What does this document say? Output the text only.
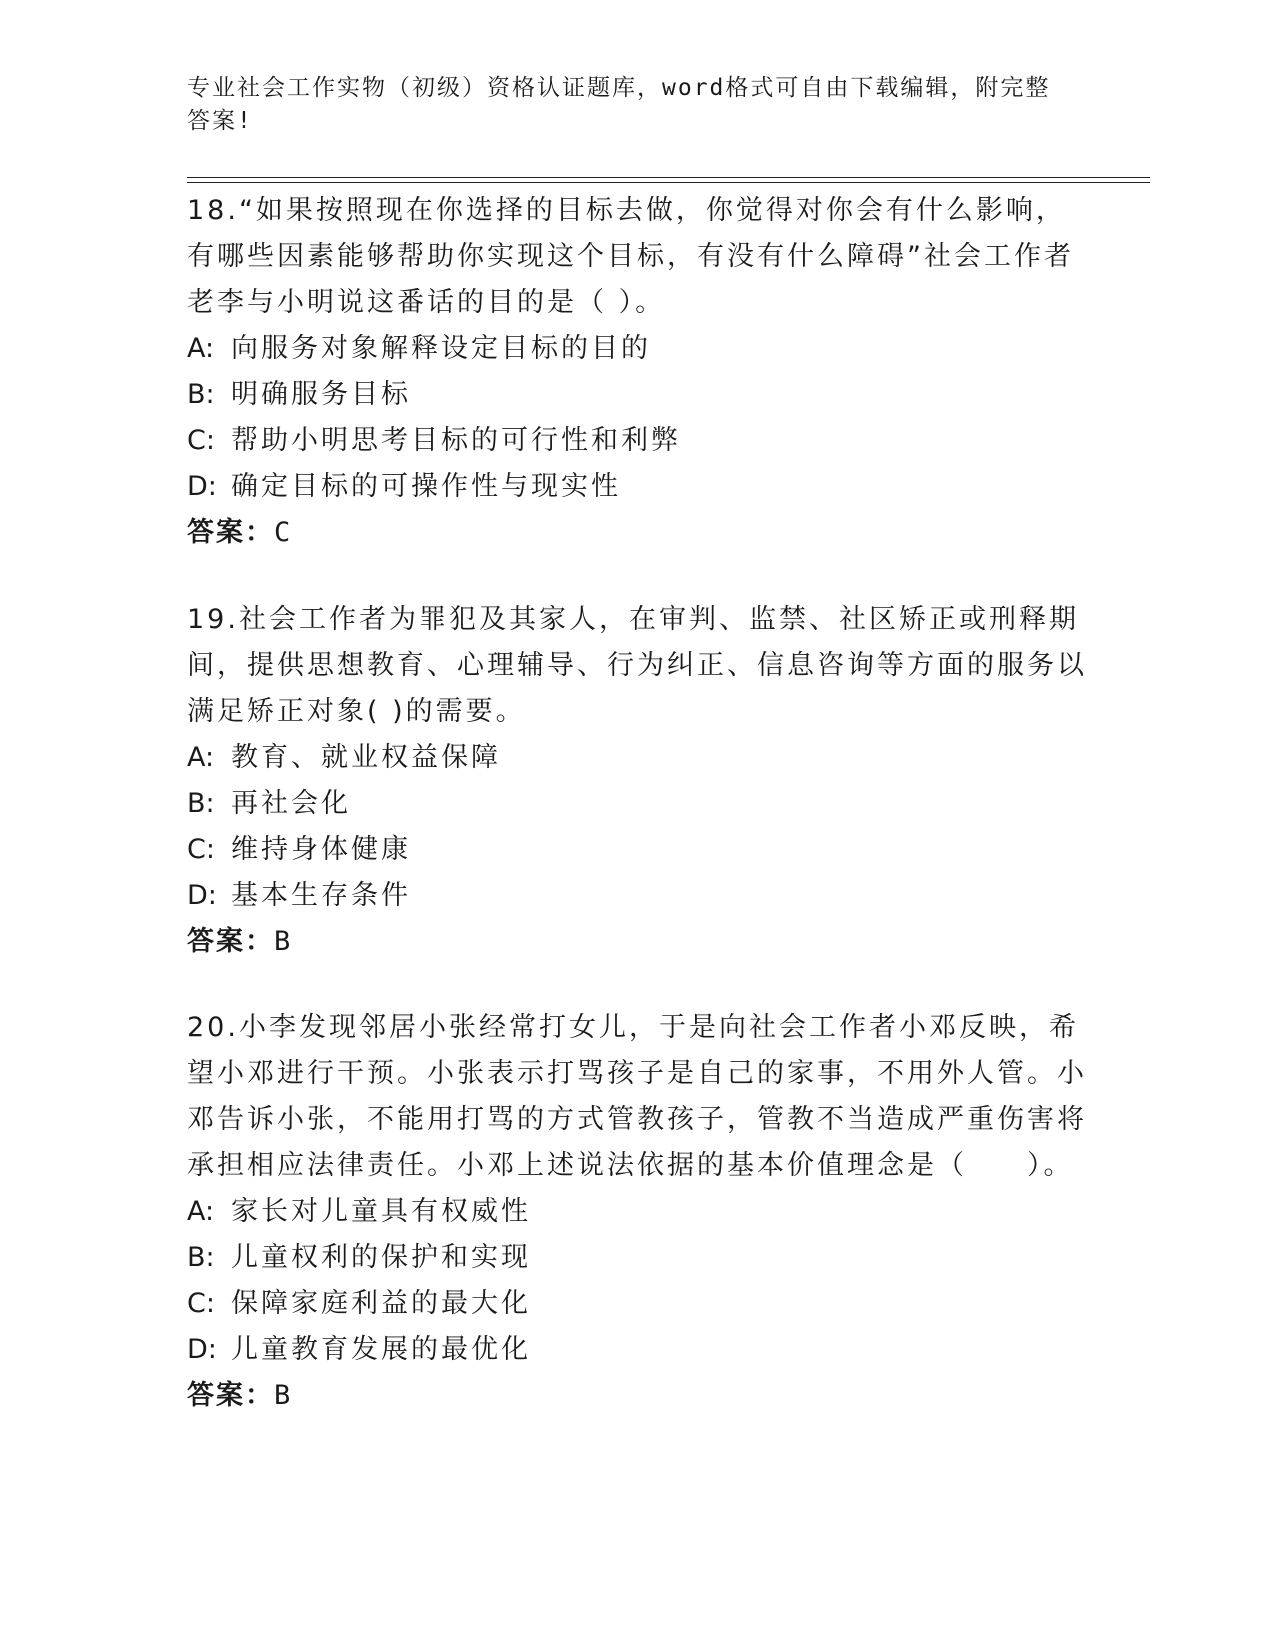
专业社会工作实物（初级）资格认证题库，word格式可自由下载编辑，附完整答案!

18.“如果按照现在你选择的目标去做，你觉得对你会有什么影响，有哪些因素能够帮助你实现这个目标，有没有什么障碍”社会工作者老李与小明说这番话的目的是（ ）。

A: 向服务对象解释设定目标的目的

B: 明确服务目标

C: 帮助小明思考目标的可行性和利弊

D: 确定目标的可操作性与现实性

答案：C

19.社会工作者为罪犯及其家人，在审判、监禁、社区矫正或刑释期间，提供思想教育、心理辅导、行为纠正、信息咨询等方面的服务以满足矫正对象( )的需要。

A: 教育、就业权益保障

B: 再社会化

C: 维持身体健康

D: 基本生存条件

答案：B

20.小李发现邻居小张经常打女儿，于是向社会工作者小邓反映，希望小邓进行干预。小张表示打骂孩子是自己的家事，不用外人管。小邓告诉小张，不能用打骂的方式管教孩子，管教不当造成严重伤害将承担相应法律责任。小邓上述说法依据的基本价值理念是（　　）。

A: 家长对儿童具有权威性

B: 儿童权利的保护和实现

C: 保障家庭利益的最大化

D: 儿童教育发展的最优化

答案：B
